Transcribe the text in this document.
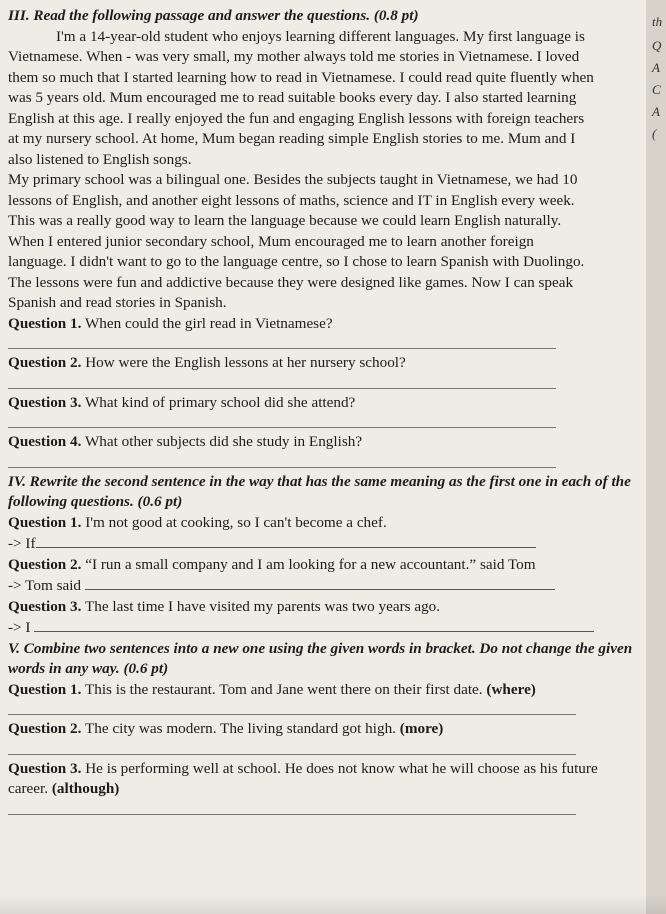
III. Read the following passage and answer the questions. (0.8 pt)

I'm a 14-year-old student who enjoys learning different languages. My first language is

Vietnamese. When - was very small, my mother always told me stories in Vietnamese. I loved

them so much that I started learning how to read in Vietnamese. I could read quite fluently when

was 5 years old. Mum encouraged me to read suitable books every day. I also started learning

English at this age. I really enjoyed the fun and engaging English lessons with foreign teachers

at my nursery school. At home, Mum began reading simple English stories to me. Mum and I

also listened to English songs.

My primary school was a bilingual one. Besides the subjects taught in Vietnamese, we had 10

lessons of English, and another eight lessons of maths, science and IT in English every week.

This was a really good way to learn the language because we could learn English naturally.

When I entered junior secondary school, Mum encouraged me to learn another foreign

language. I didn't want to go to the language centre, so I chose to learn Spanish with Duolingo.

The lessons were fun and addictive because they were designed like games. Now I can speak

Spanish and read stories in Spanish.

Question 1. When could the girl read in Vietnamese?

Question 2. How were the English lessons at her nursery school?

Question 3. What kind of primary school did she attend?

Question 4. What other subjects did she study in English?

IV. Rewrite the second sentence in the way that has the same meaning as the first one in each of the following questions. (0.6 pt)

Question 1. I'm not good at cooking, so I can't become a chef.

-> If

Question 2. “I run a small company and I am looking for a new accountant.” said Tom

-> Tom said

Question 3. The last time I have visited my parents was two years ago.

-> I

V. Combine two sentences into a new one using the given words in bracket. Do not change the given words in any way. (0.6 pt)

Question 1. This is the restaurant. Tom and Jane went there on their first date. (where)

Question 2. The city was modern. The living standard got high. (more)

Question 3. He is performing well at school. He does not know what he will choose as his future career. (although)

th
Q
A
C
A
(
